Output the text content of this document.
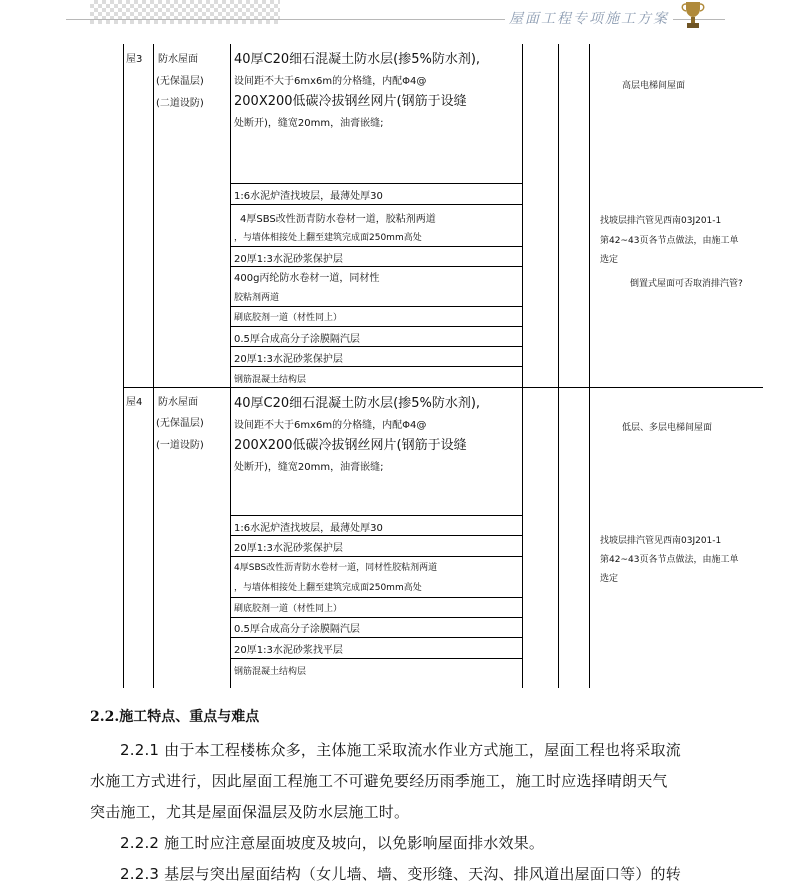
屋面工程专项施工方案
屋3 防水屋面
(无保温层)
(二道设防)
40厚C20细石混凝土防水层(掺5%防水剂),
设间距不大于6mx6m的分格缝，内配Φ4@
200X200低碳冷拔钢丝网片(钢筋于设缝
处断开)，缝宽20mm，油膏嵌缝;
1:6水泥炉渣找坡层，最薄处厚30
4厚SBS改性沥青防水卷材一道，胶粘剂两道
，与墙体相接处上翻至建筑完成面250mm高处
20厚1:3水泥砂浆保护层
400g丙纶防水卷材一道，同材性
胶粘剂两道
刷底胶剂一道（材性同上）
0.5厚合成高分子涂膜隔汽层
20厚1:3水泥砂浆保护层
钢筋混凝土结构层
高层电梯间屋面
找坡层排汽管见西南03J201-1
第42~43页各节点做法，由施工单
选定
倒置式屋面可否取消排汽管?
屋4 防水屋面
(无保温层)
(一道设防)
40厚C20细石混凝土防水层(掺5%防水剂),
设间距不大于6mx6m的分格缝，内配Φ4@
200X200低碳冷拔钢丝网片(钢筋于设缝
处断开)，缝宽20mm，油膏嵌缝;
1:6水泥炉渣找坡层，最薄处厚30
20厚1:3水泥砂浆保护层
4厚SBS改性沥青防水卷材一道，同材性胶粘剂两道
，与墙体相接处上翻至建筑完成面250mm高处
刷底胶剂一道（材性同上）
0.5厚合成高分子涂膜隔汽层
20厚1:3水泥砂浆找平层
钢筋混凝土结构层
低层、多层电梯间屋面
找坡层排汽管见西南03J201-1
第42~43页各节点做法，由施工单
选定
2.2.施工特点、重点与难点
2.2.1 由于本工程楼栋众多，主体施工采取流水作业方式施工，屋面工程也将采取流
水施工方式进行，因此屋面工程施工不可避免要经历雨季施工，施工时应选择晴朗天气
突击施工，尤其是屋面保温层及防水层施工时。
2.2.2 施工时应注意屋面坡度及坡向，以免影响屋面排水效果。
2.2.3 基层与突出屋面结构（女儿墙、墙、变形缝、天沟、排风道出屋面口等）的转
